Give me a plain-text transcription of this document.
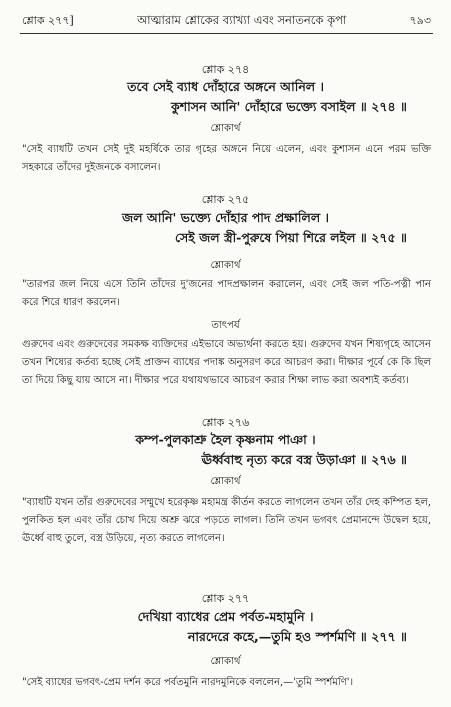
শ্লোক ২৭৭]	আত্মারাম শ্লোকের ব্যাখ্যা এবং সনাতনকে কৃপা	৭৯৩
শ্লোক ২৭৪
তবে সেই ব্যাধ দোঁহারে অঙ্গনে আনিল ।
কুশাসন আনি' দোঁহারে ভক্ত্যে বসাইল ॥ ২৭৪ ॥
শ্লোকার্থ
"সেই ব্যাধটি তখন সেই দুই মহর্ষিকে তার গৃহের অঙ্গনে নিয়ে এলেন, এবং কুশাসন এনে পরম ভক্তি সহকারে তাঁদের দুইজনকে বসালেন।
শ্লোক ২৭৫
জল আনি' ভক্ত্যে দোঁহার পাদ প্রক্ষালিল ।
সেই জল স্ত্রী-পুরুষে পিয়া শিরে লইল ॥ ২৭৫ ॥
শ্লোকার্থ
"তারপর জল নিয়ে এসে তিনি তাঁদের দু'জনের পাদপ্রক্ষালন করালেন, এবং সেই জল পতি-পত্নী পান করে শিরে ধারণ করলেন।
তাৎপর্য
গুরুদেব এবং গুরুদেবের সমকক্ষ ব্যক্তিদের এইভাবে অভ্যর্থনা করতে হয়। গুরুদেব যখন শিষ্যগৃহে আসেন তখন শিষ্যের কর্তব্য হচ্ছে সেই প্রাক্তন ব্যাধের পদাঙ্ক অনুসরণ করে আচরণ করা। দীক্ষার পূর্বে কে কি ছিল তা দিয়ে কিছু যায় আসে না। দীক্ষার পরে যথাযথভাবে আচরণ করার শিক্ষা লাভ করা অবশ্যই কর্তব্য।
শ্লোক ২৭৬
কম্প-পুলকাশ্রু হৈল কৃষ্ণনাম পাঞা ।
ঊর্ধ্ববাহু নৃত্য করে বস্ত্র উড়াঞা ॥ ২৭৬ ॥
শ্লোকার্থ
"ব্যাধটি যখন তাঁর গুরুদেবের সম্মুখে হরেকৃষ্ণ মহামন্ত্র কীর্তন করতে লাগলেন তখন তাঁর দেহ কম্পিত হল, পুলকিত হল এবং তাঁর চোখ দিয়ে অশ্রু ঝরে পড়তে লাগল। তিনি তখন ভগবৎ প্রেমানন্দে উদ্বেল হয়ে, ঊর্ধ্বে বাহু তুলে, বস্ত্র উড়িয়ে, নৃত্য করতে লাগলেন।
শ্লোক ২৭৭
দেখিয়া ব্যাধের প্রেম পর্বত-মহামুনি ।
নারদেরে কহে,—তুমি হও স্পর্শমণি ॥ ২৭৭ ॥
শ্লোকার্থ
"সেই ব্যাধের ভগবৎ-প্রেম দর্শন করে পর্বতমুনি নারদমুনিকে বললেন,—'তুমি স্পর্শমণি'।
